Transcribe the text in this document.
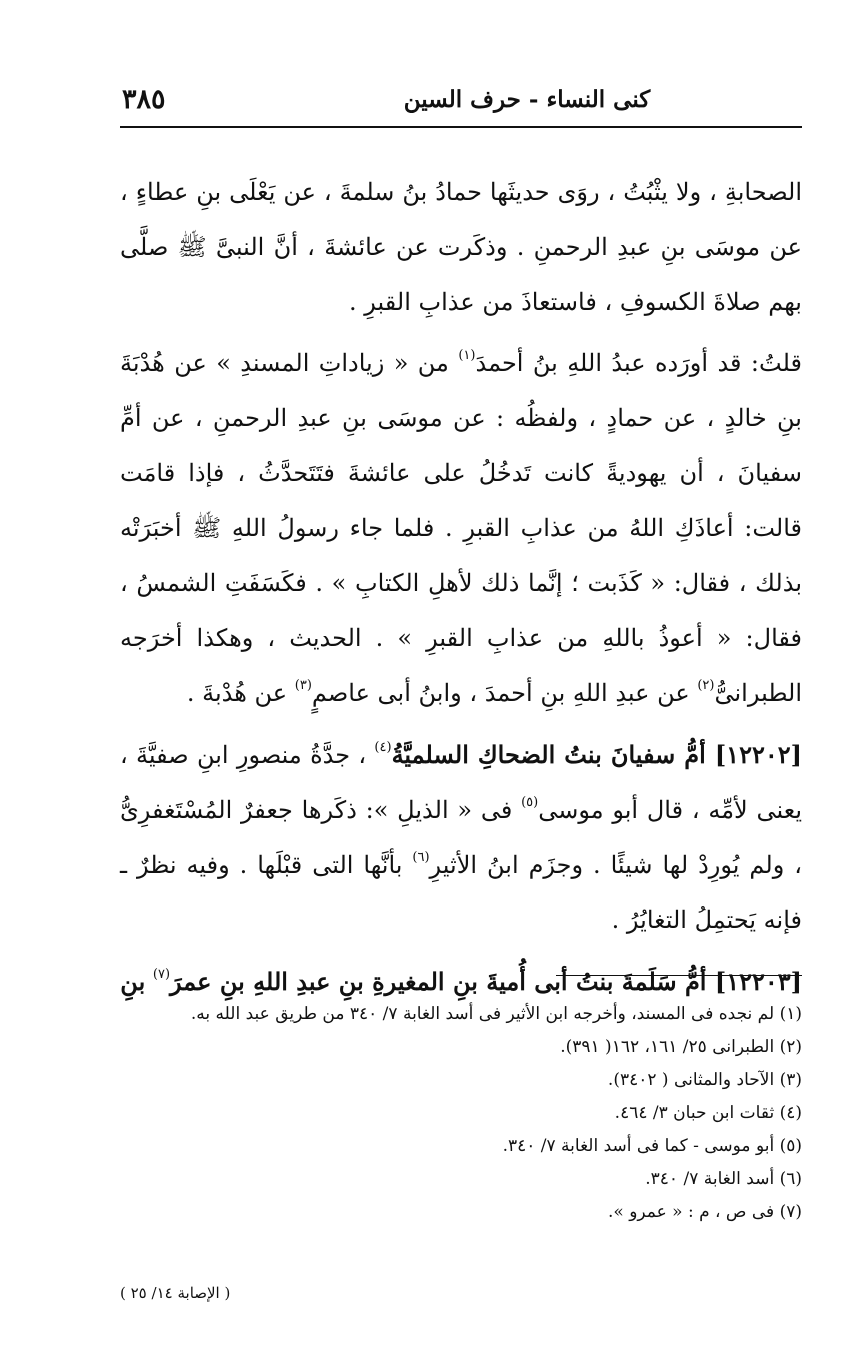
٣٨٥	كنى النساء - حرف السين

الصحابةِ ، ولا يثْبُتُ ، روَى حديثَها حمادُ بنُ سلمةَ ، عن يَعْلَى بنِ عطاءٍ ، عن موسَى بنِ عبدِ الرحمنِ . وذكَرت عن عائشةَ ، أنَّ النبىَّ ﷺ صلَّى بهم صلاةَ الكسوفِ ، فاستعاذَ من عذابِ القبرِ .

قلتُ: قد أورَده عبدُ اللهِ بنُ أحمدَ$^{(١)}$ من « زياداتِ المسندِ » عن هُدْبَةَ بنِ خالدٍ ، عن حمادٍ ، ولفظُه : عن موسَى بنِ عبدِ الرحمنِ ، عن أمِّ سفيانَ ، أن يهوديةً كانت تَدخُلُ على عائشةَ فتَتَحدَّثُ ، فإذا قامَت قالت: أعاذَكِ اللهُ من عذابِ القبرِ . فلما جاء رسولُ اللهِ ﷺ أخبَرَتْه بذلك ، فقال: « كَذَبت ؛ إنَّما ذلك لأهلِ الكتابِ » . فكَسَفَتِ الشمسُ ، فقال: « أعوذُ باللهِ من عذابِ القبرِ » . الحديث ، وهكذا أخرَجه الطبرانىُّ$^{(٢)}$ عن عبدِ اللهِ بنِ أحمدَ ، وابنُ أبى عاصمٍ$^{(٣)}$ عن هُدْبةَ .

[١٢٢٠٢] أمُّ سفيانَ بنتُ الضحاكِ السلميَّةُ$^{(٤)}$ ، جدَّةُ منصورِ ابنِ صفيَّةَ ، يعنى لأمِّه ، قال أبو موسى$^{(٥)}$ فى « الذيلِ »: ذكَرها جعفرٌ المُسْتَغفرِىُّ ، ولم يُورِدْ لها شيئًا . وجزَم ابنُ الأثيرِ$^{(٦)}$ بأنَّها التى قبْلَها . وفيه نظرٌ ـ فإنه يَحتمِلُ التغايُرُ .

[١٢٢٠٣] أمُّ سَلَمةَ بنتُ أبى أُميةَ بنِ المغيرةِ بنِ عبدِ اللهِ بنِ عمرَ$^{(٧)}$ بنِ

(١) لم نجده فى المسند، وأخرجه ابن الأثير فى أسد الغابة ٧/ ٣٤٠ من طريق عبد الله به.
(٢) الطبرانى ٢٥/ ١٦١، ١٦٢( ٣٩١).
(٣) الآحاد والمثانى ( ٣٤٠٢).
(٤) ثقات ابن حبان ٣/ ٤٦٤.
(٥) أبو موسى - كما فى أسد الغابة ٧/ ٣٤٠.
(٦) أسد الغابة ٧/ ٣٤٠.
(٧) فى ص ، م : « عمرو ».
( الإصابة ١٤/ ٢٥ )
